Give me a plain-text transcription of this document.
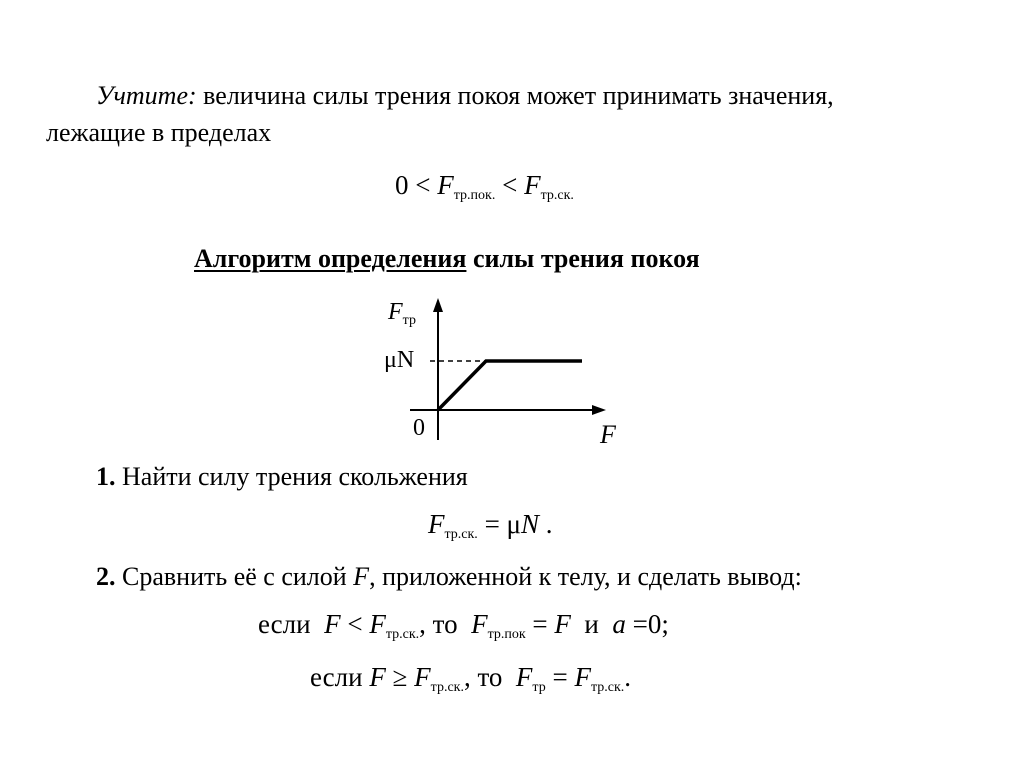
Учтите: величина силы трения покоя может принимать значения,
лежащие в пределах
$0 < F_{тр.пок.} < F_{тр.ск.}$
Алгоритм определения силы трения покоя
$F_{тр}$
μN
0	F
1. Найти силу трения скольжения
$F_{тр.ск.} = \mu N$ .
2. Сравнить её с силой F, приложенной к телу, и сделать вывод:
если $F < F_{тр.ск.}$, то $F_{тр.пок} = F$ и a =0;
если $F \ge F_{тр.ск.}$, то $F_{тр} = F_{тр.ск.}$.
